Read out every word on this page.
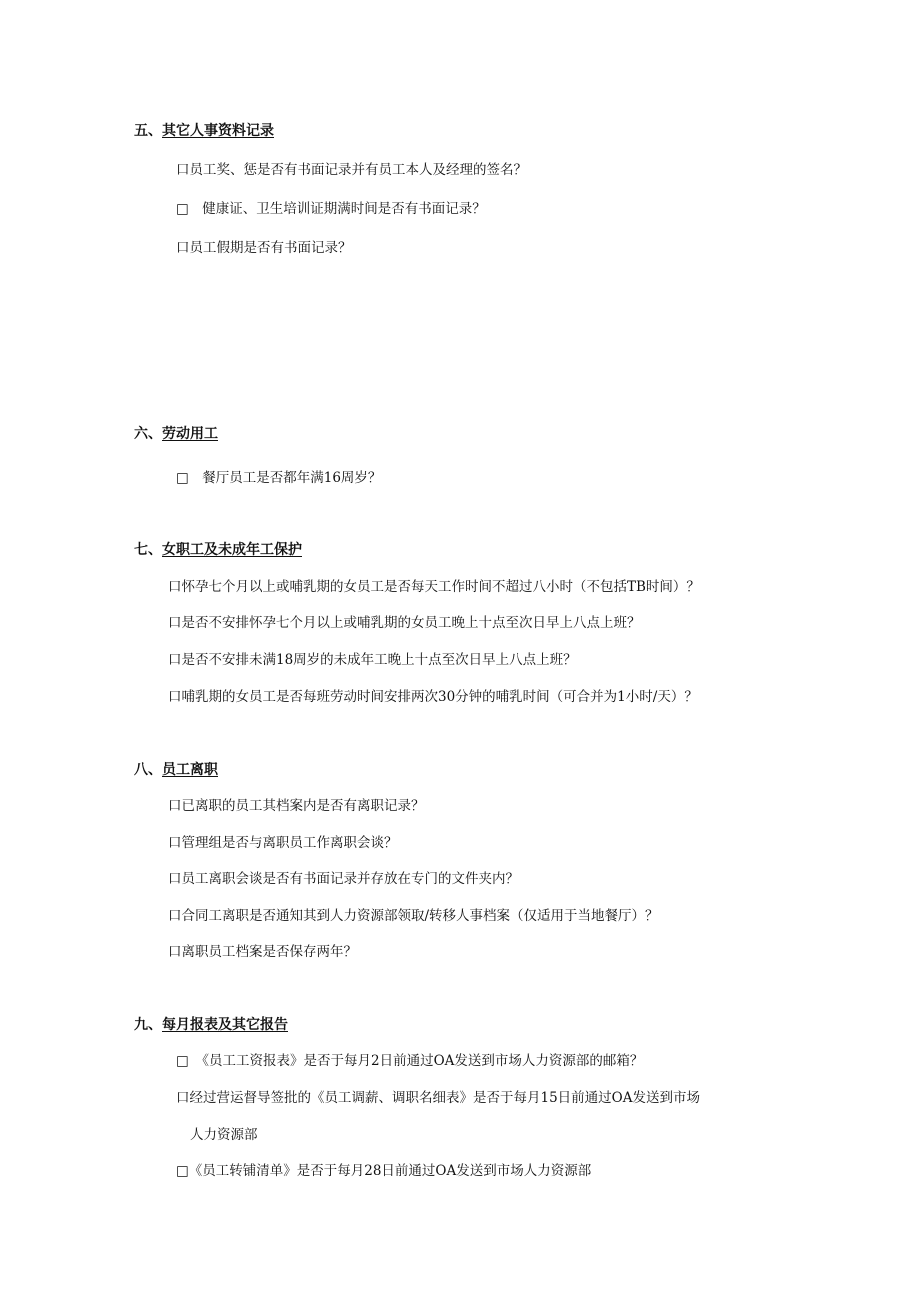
五、其它人事资料记录
口员工奖、惩是否有书面记录并有员工本人及经理的签名？
□　健康证、卫生培训证期满时间是否有书面记录？
口员工假期是否有书面记录？
六、劳动用工
□　餐厅员工是否都年满16周岁？
七、女职工及未成年工保护
口怀孕七个月以上或哺乳期的女员工是否每天工作时间不超过八小时（不包括TB时间）？
口是否不安排怀孕七个月以上或哺乳期的女员工晚上十点至次日早上八点上班？
口是否不安排未满18周岁的未成年工晚上十点至次日早上八点上班？
口哺乳期的女员工是否每班劳动时间安排两次30分钟的哺乳时间（可合并为1小时/天）？
八、员工离职
口已离职的员工其档案内是否有离职记录？
口管理组是否与离职员工作离职会谈？
口员工离职会谈是否有书面记录并存放在专门的文件夹内？
口合同工离职是否通知其到人力资源部领取/转移人事档案（仅适用于当地餐厅）？
口离职员工档案是否保存两年？
九、每月报表及其它报告
□　《员工工资报表》是否于每月2日前通过OA发送到市场人力资源部的邮箱？
口经过营运督导签批的《员工调薪、调职名细表》是否于每月15日前通过OA发送到市场
人力资源部
□《员工转铺清单》是否于每月28日前通过OA发送到市场人力资源部
